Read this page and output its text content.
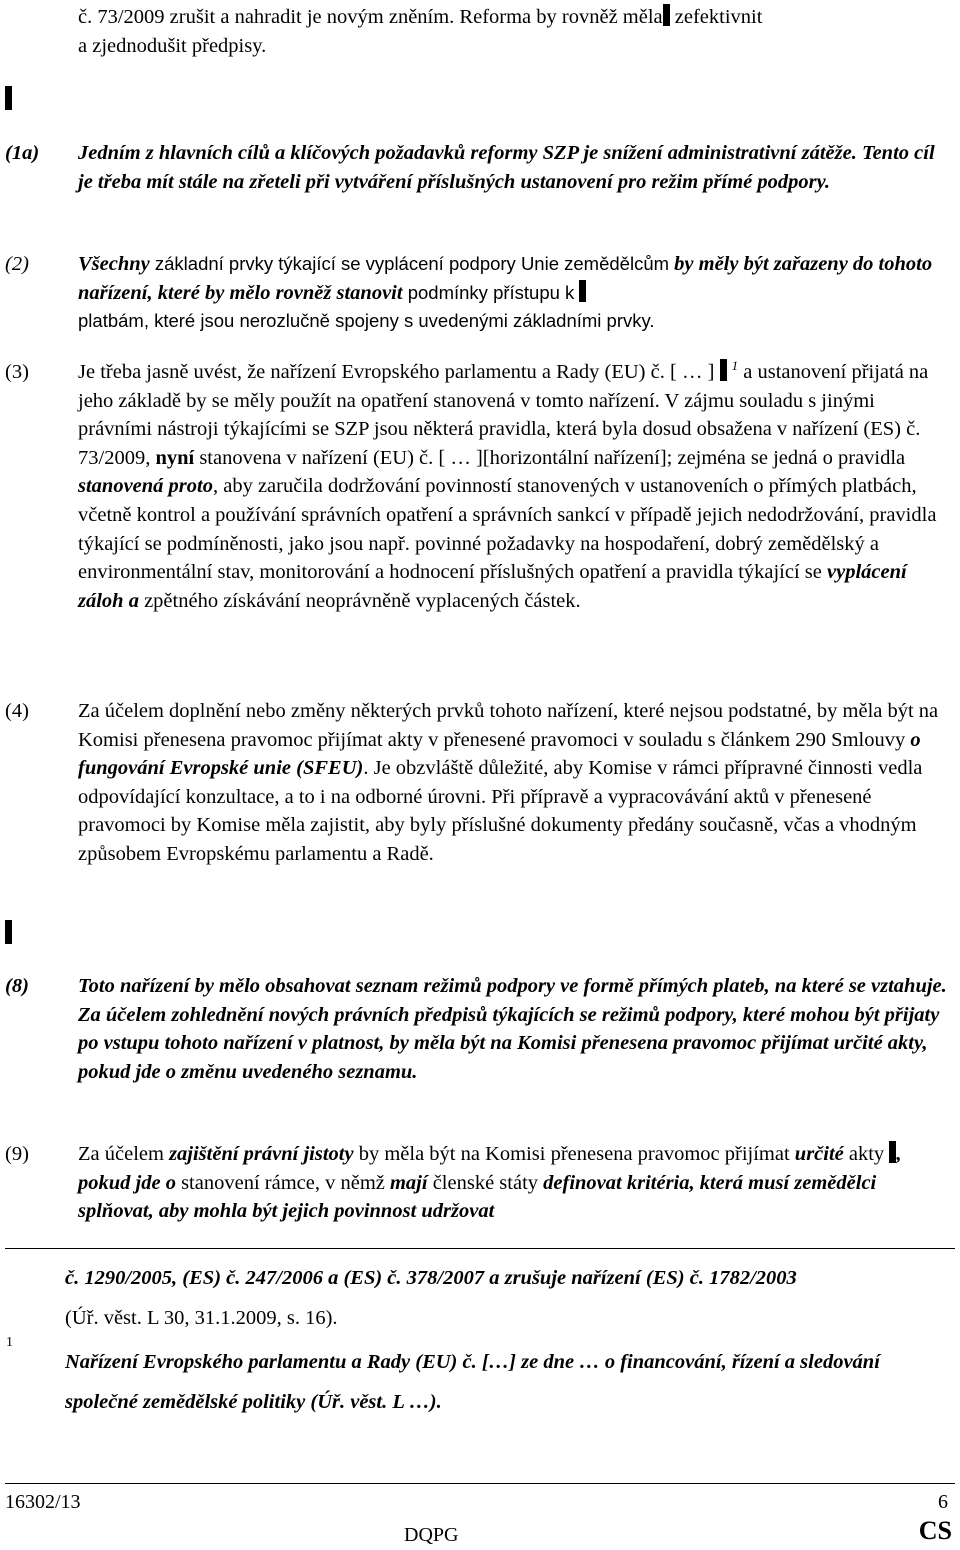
č. 73/2009 zrušit a nahradit je novým zněním. Reforma by rovněž měla zefektivnit
a zjednodušit předpisy.
(1a) Jedním z hlavních cílů a klíčových požadavků reformy SZP je snížení administrativní zátěže. Tento cíl je třeba mít stále na zřeteli při vytváření příslušných ustanovení pro režim přímé podpory.
(2) Všechny základní prvky týkající se vyplácení podpory Unie zemědělcům by měly být zařazeny do tohoto nařízení, které by mělo rovněž stanovit podmínky přístupu k
platbám, které jsou nerozlučně spojeny s uvedenými základními prvky.
(3) Je třeba jasně uvést, že nařízení Evropského parlamentu a Rady (EU) č. [ … ]  $^1$ a ustanovení přijatá na jeho základě by se měly použít na opatření stanovená v tomto nařízení. V zájmu souladu s jinými právními nástroji týkajícími se SZP jsou některá pravidla, která byla dosud obsažena v nařízení (ES) č. 73/2009, nyní stanovena v nařízení (EU) č. [ … ][horizontální nařízení]; zejména se jedná o pravidla stanovená proto, aby zaručila dodržování povinností stanovených v ustanoveních o přímých platbách, včetně kontrol a používání správních opatření a správních sankcí v případě jejich nedodržování, pravidla týkající se podmíněnosti, jako jsou např. povinné požadavky na hospodaření, dobrý zemědělský a environmentální stav, monitorování a hodnocení příslušných opatření a pravidla týkající se vyplácení záloh a zpětného získávání neoprávněně vyplacených částek.
(4) Za účelem doplnění nebo změny některých prvků tohoto nařízení, které nejsou podstatné, by měla být na Komisi přenesena pravomoc přijímat akty v přenesené pravomoci v souladu s článkem 290 Smlouvy o fungování Evropské unie (SFEU). Je obzvláště důležité, aby Komise v rámci přípravné činnosti vedla odpovídající konzultace, a to i na odborné úrovni. Při přípravě a vypracovávání aktů v přenesené pravomoci by Komise měla zajistit, aby byly příslušné dokumenty předány současně, včas a vhodným způsobem Evropskému parlamentu a Radě.
(8) Toto nařízení by mělo obsahovat seznam režimů podpory ve formě přímých plateb, na které se vztahuje. Za účelem zohlednění nových právních předpisů týkajících se režimů podpory, které mohou být přijaty po vstupu tohoto nařízení v platnost, by měla být na Komisi přenesena pravomoc přijímat určité akty, pokud jde o změnu uvedeného seznamu.
(9) Za účelem zajištění právní jistoty by měla být na Komisi přenesena pravomoc přijímat určité akty , pokud jde o stanovení rámce, v němž mají členské státy definovat kritéria, která musí zemědělci splňovat, aby mohla být jejich povinnost udržovat
č. 1290/2005, (ES) č. 247/2006 a (ES) č. 378/2007 a zrušuje nařízení (ES) č. 1782/2003
(Úř. věst. L 30, 31.1.2009, s. 16).
1
Nařízení Evropského parlamentu a Rady (EU) č. […] ze dne … o financování, řízení a sledování společné zemědělské politiky (Úř. věst. L …).
16302/13	6
DQPG	CS
